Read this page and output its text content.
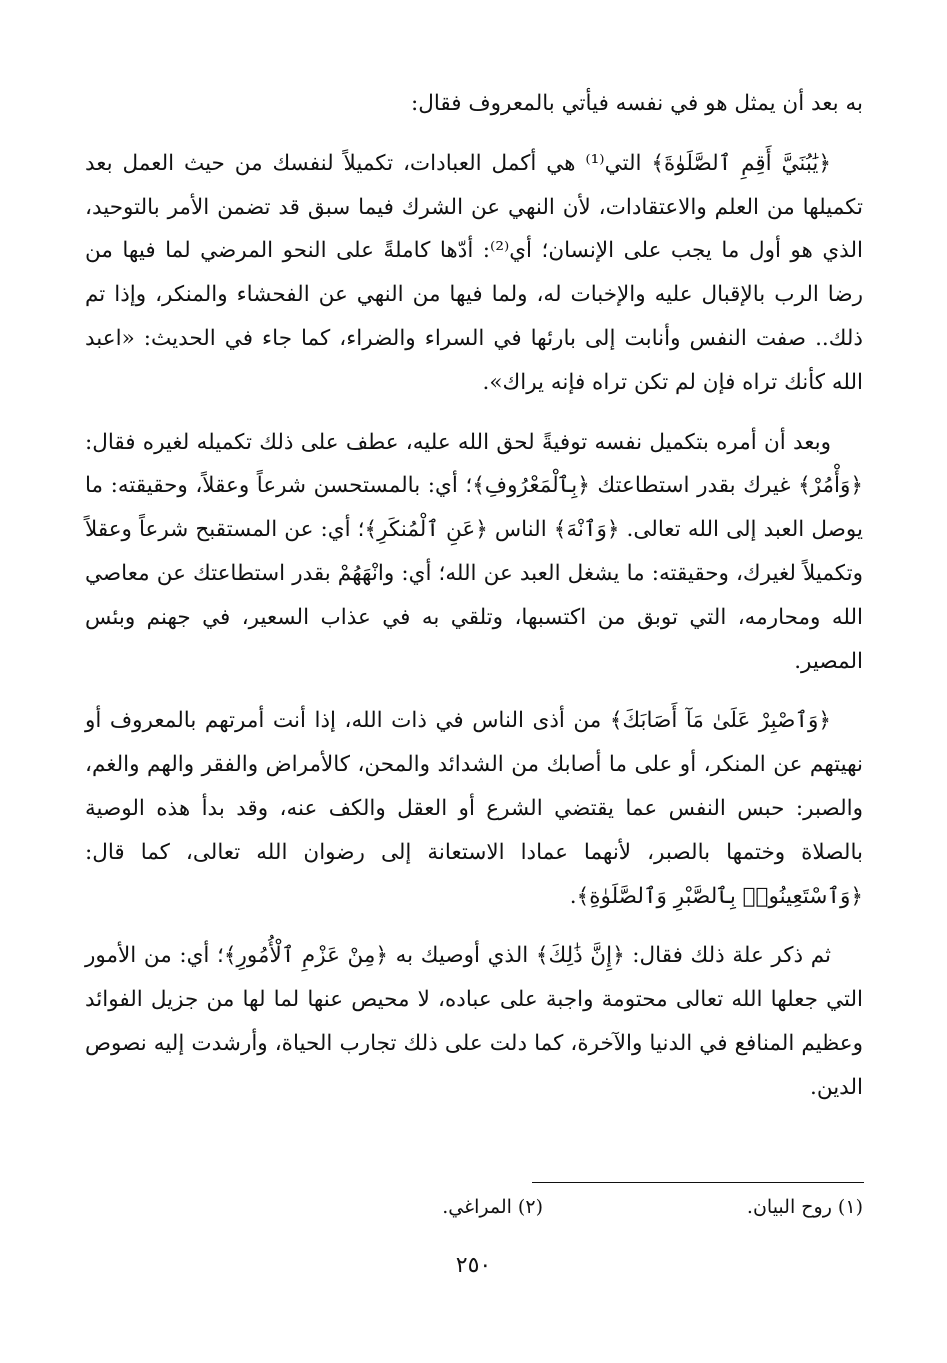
به بعد أن يمثل هو في نفسه فيأتي بالمعروف فقال:

﴿يَٰبُنَيَّ أَقِمِ ٱلصَّلَوٰةَ﴾ التي⁽¹⁾ هي أكمل العبادات، تكميلاً لنفسك من حيث العمل بعد تكميلها من العلم والاعتقادات، لأن النهي عن الشرك فيما سبق قد تضمن الأمر بالتوحيد، الذي هو أول ما يجب على الإنسان؛ أي⁽²⁾: أدّها كاملةً على النحو المرضي لما فيها من رضا الرب بالإقبال عليه والإخبات له، ولما فيها من النهي عن الفحشاء والمنكر، وإذا تم ذلك.. صفت النفس وأنابت إلى بارئها في السراء والضراء، كما جاء في الحديث: «اعبد الله كأنك تراه فإن لم تكن تراه فإنه يراك».

وبعد أن أمره بتكميل نفسه توفيةً لحق الله عليه، عطف على ذلك تكميله لغيره فقال: ﴿وَأْمُرْ﴾ غيرك بقدر استطاعتك ﴿بِٱلْمَعْرُوفِ﴾؛ أي: بالمستحسن شرعاً وعقلاً، وحقيقته: ما يوصل العبد إلى الله تعالى. ﴿وَٱنْهَ﴾ الناس ﴿عَنِ ٱلْمُنكَرِ﴾؛ أي: عن المستقبح شرعاً وعقلاً وتكميلاً لغيرك، وحقيقته: ما يشغل العبد عن الله؛ أي: وانْهَهُمْ بقدر استطاعتك عن معاصي الله ومحارمه، التي توبق من اكتسبها، وتلقي به في عذاب السعير، في جهنم وبئس المصير.

﴿وَٱصْبِرْ عَلَىٰ مَآ أَصَابَكَ﴾ من أذى الناس في ذات الله، إذا أنت أمرتهم بالمعروف أو نهيتهم عن المنكر، أو على ما أصابك من الشدائد والمحن، كالأمراض والفقر والهم والغم، والصبر: حبس النفس عما يقتضي الشرع أو العقل والكف عنه، وقد بدأ هذه الوصية بالصلاة وختمها بالصبر، لأنهما عمادا الاستعانة إلى رضوان الله تعالى، كما قال: ﴿وَٱسْتَعِينُوا۟ بِٱلصَّبْرِ وَٱلصَّلَوٰةِ﴾.

ثم ذكر علة ذلك فقال: ﴿إِنَّ ذَٰلِكَ﴾ الذي أوصيك به ﴿مِنْ عَزْمِ ٱلْأُمُورِ﴾؛ أي: من الأمور التي جعلها الله تعالى محتومة واجبة على عباده، لا محيص عنها لما لها من جزيل الفوائد وعظيم المنافع في الدنيا والآخرة، كما دلت على ذلك تجارب الحياة، وأرشدت إليه نصوص الدين.

(١) روح البيان.
(٢) المراغي.
٢٥٠
